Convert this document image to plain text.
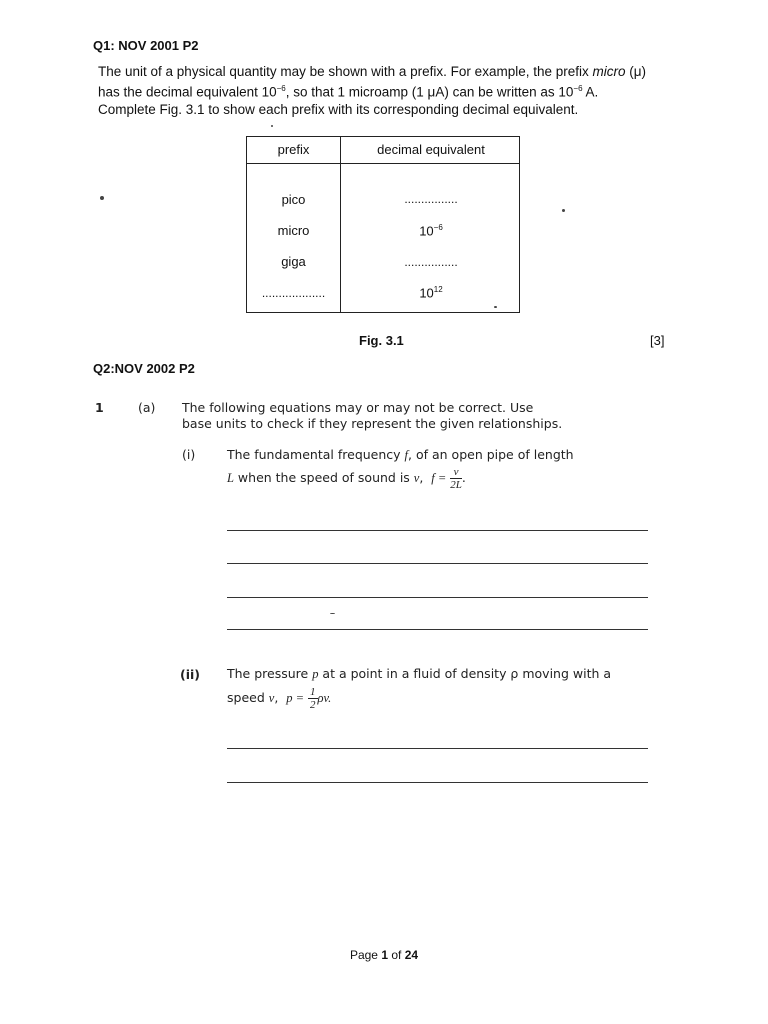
Q1: NOV 2001 P2
The unit of a physical quantity may be shown with a prefix. For example, the prefix micro (μ)
has the decimal equivalent $10^{-6}$, so that 1 microamp (1 μA) can be written as $10^{-6}$ A.
Complete Fig. 3.1 to show each prefix with its corresponding decimal equivalent.
prefix	decimal equivalent
pico	................
micro	$10^{-6}$
giga	................
...................	$10^{12}$
Fig. 3.1	[3]
Q2:NOV 2002 P2
1	(a) The following equations may or may not be correct. Use
base units to check if they represent the given relationships.
(i)	The fundamental frequency f, of an open pipe of length
L when the speed of sound is v,  $f = \frac{v}{2L}$ .
(ii) The pressure p at a point in a fluid of density ρ moving with a
speed v,  $p = \frac{1}{2} \rho v$.
Page 1 of 24
